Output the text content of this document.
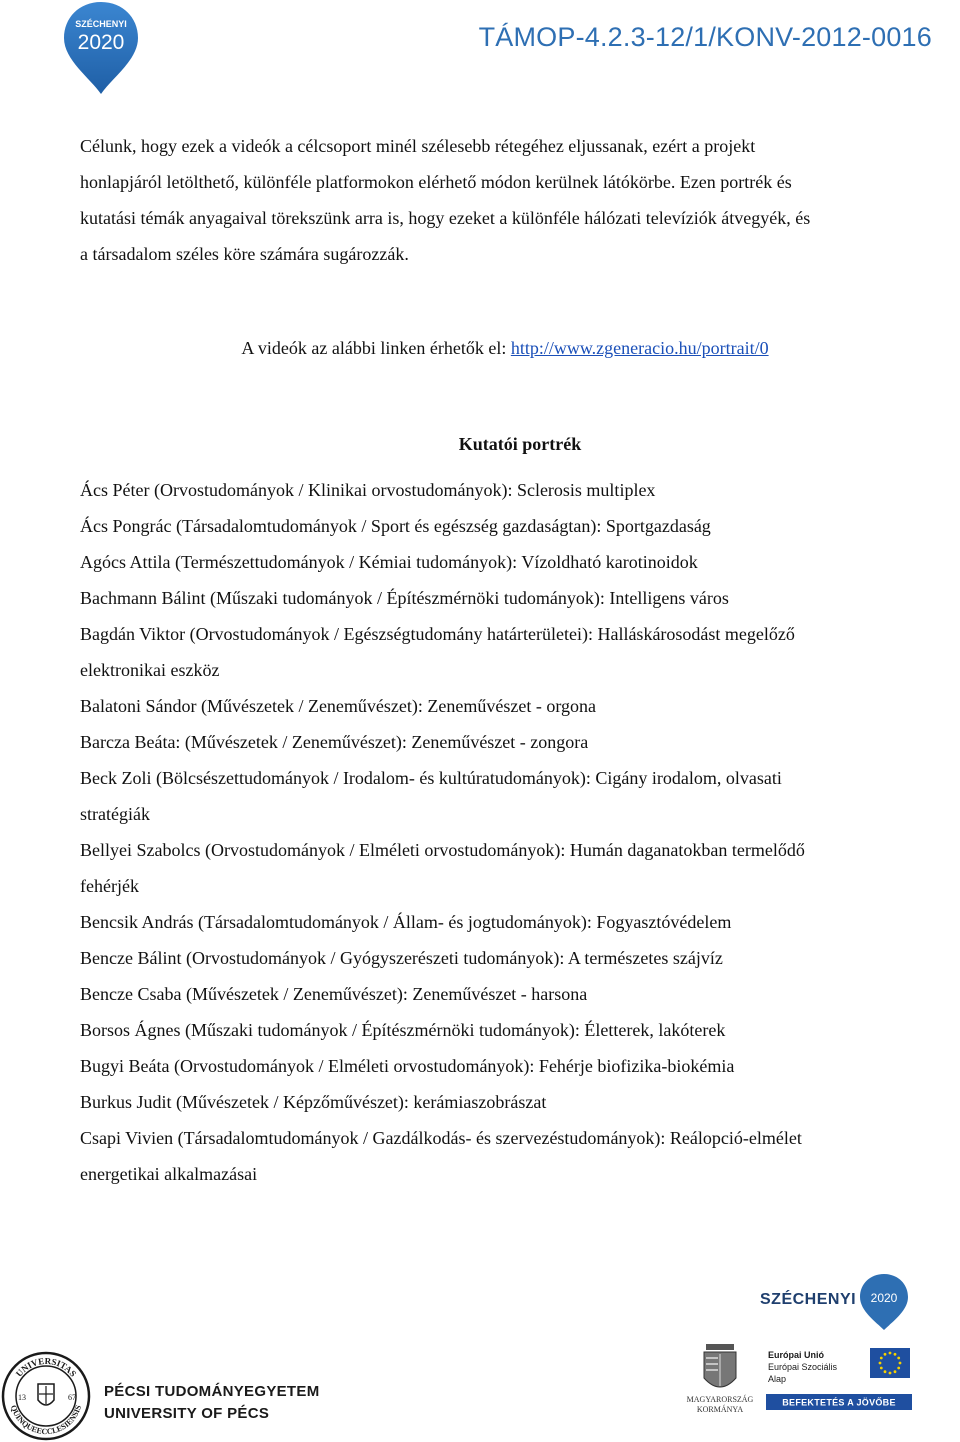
SZÉCHENYI
2020	TÁMOP-4.2.3-12/1/KONV-2012-0016
Célunk, hogy ezek a videók a célcsoport minél szélesebb rétegéhez eljussanak, ezért a projekt
honlapjáról letölthető, különféle platformokon elérhető módon kerülnek látókörbe. Ezen portrék és
kutatási témák anyagaival törekszünk arra is, hogy ezeket a különféle hálózati televíziók átvegyék, és
a társadalom széles köre számára sugározzák.
A videók az alábbi linken érhetők el: http://www.zgeneracio.hu/portrait/0
Kutatói portrék
Ács Péter (Orvostudományok / Klinikai orvostudományok): Sclerosis multiplex
Ács Pongrác (Társadalomtudományok / Sport és egészség gazdaságtan): Sportgazdaság
Agócs Attila (Természettudományok / Kémiai tudományok): Vízoldható karotinoidok
Bachmann Bálint (Műszaki tudományok / Építészmérnöki tudományok): Intelligens város
Bagdán Viktor (Orvostudományok / Egészségtudomány határterületei): Halláskárosodást megelőző
elektronikai eszköz
Balatoni Sándor (Művészetek / Zeneművészet): Zeneművészet - orgona
Barcza Beáta: (Művészetek / Zeneművészet): Zeneművészet - zongora
Beck Zoli (Bölcsészettudományok / Irodalom- és kultúratudományok): Cigány irodalom, olvasati
stratégiák
Bellyei Szabolcs (Orvostudományok / Elméleti orvostudományok): Humán daganatokban termelődő
fehérjék
Bencsik András (Társadalomtudományok / Állam- és jogtudományok): Fogyasztóvédelem
Bencze Bálint (Orvostudományok / Gyógyszerészeti tudományok): A természetes szájvíz
Bencze Csaba (Művészetek / Zeneművészet): Zeneművészet - harsona
Borsos Ágnes (Műszaki tudományok / Építészmérnöki tudományok): Életterek, lakóterek
Bugyi Beáta (Orvostudományok / Elméleti orvostudományok): Fehérje biofizika-biokémia
Burkus Judit (Művészetek / Képzőművészet): kerámiaszobrászat
Csapi Vivien (Társadalomtudományok / Gazdálkodás- és szervezéstudományok): Reálopció-elmélet
energetikai alkalmazásai
SZÉCHENYI 2020
UNIVERSITAS
QUINQUEECCLESIENSIS
13	67 PÉCSI TUDOMÁNYEGYETEM
UNIVERSITY OF PÉCS
MAGYARORSZÁG
KORMÁNYA
Európai Unió
Európai Szociális
Alap
BEFEKTETÉS A JÖVŐBE
